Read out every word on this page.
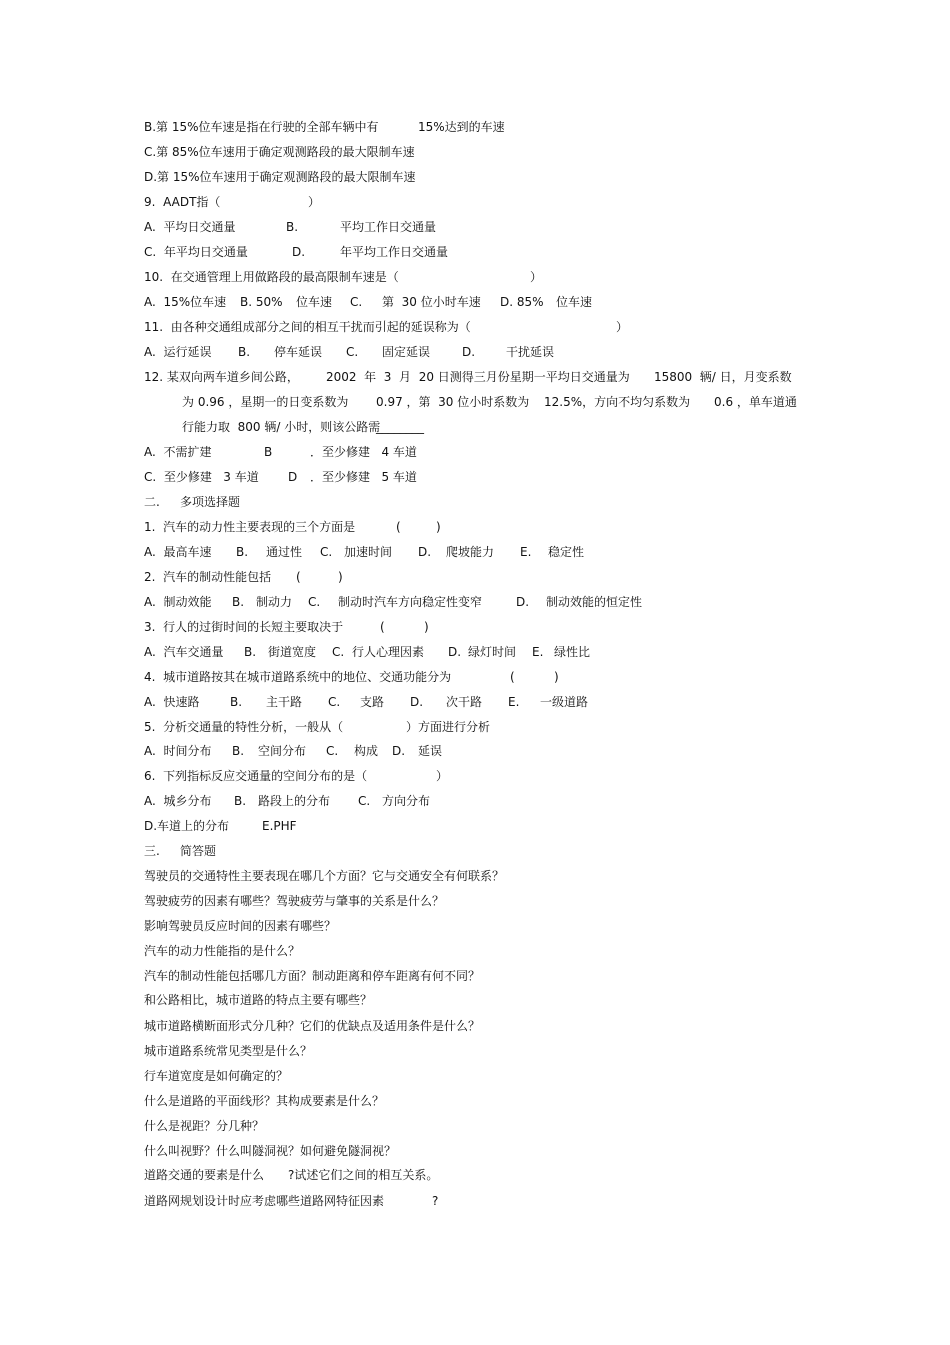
B.第 15%位车速是指在行驶的全部车辆中有	15%达到的车速
C.第 85%位车速用于确定观测路段的最大限制车速
D.第 15%位车速用于确定观测路段的最大限制车速
9.  AADT指（	）
A.  平均日交通量	B.	平均工作日交通量
C.  年平均日交通量	D.	年平均工作日交通量
10.  在交通管理上用做路段的最高限制车速是（	）
A.  15%位车速 B. 50% 位车速 C. 第  30 位小时车速 D. 85% 位车速
11.  由各种交通组成部分之间的相互干扰而引起的延误称为（	）
A.  运行延误 B. 停车延误 C. 固定延误	D.	干扰延误
12. 某双向两车道乡间公路， 2002  年  3  月  20 日测得三月份星期一平均日交通量为 15800  辆/ 日，月变系数
为 0.96 ，星期一的日变系数为 0.97 ，第  30 位小时系数为 12.5%，方向不均匀系数为 0.6 ，单车道通
行能力取  800 辆/ 小时，则该公路需
________
A.  不需扩建	B	．至少修建   4 车道
C.  至少修建   3 车道 D ．至少修建   5 车道
二. 多项选择题
1.  汽车的动力性主要表现的三个方面是	(	)
A.  最高车速 B. 通过性 C. 加速时间 D. 爬坡能力 E. 稳定性
2.  汽车的制动性能包括 (	)
A.  制动效能 B. 制动力 C. 制动时汽车方向稳定性变窄	D. 制动效能的恒定性
3.  行人的过街时间的长短主要取决于	(	)
A.  汽车交通量 B. 街道宽度 C. 行人心理因素 D. 绿灯时间 E. 绿性比
4.  城市道路按其在城市道路系统中的地位、交通功能分为	(	)
A.  快速路	B. 主干路 C. 支路 D. 次干路 E. 一级道路
5.  分析交通量的特性分析，一般从（	）方面进行分析
A.  时间分布 B. 空间分布 C. 构成 D. 延误
6.  下列指标反应交通量的空间分布的是（	）
A.  城乡分布 B. 路段上的分布 C. 方向分布
D.车道上的分布	E.PHF
三. 简答题
驾驶员的交通特性主要表现在哪几个方面？它与交通安全有何联系？
驾驶疲劳的因素有哪些？驾驶疲劳与肇事的关系是什么？
影响驾驶员反应时间的因素有哪些？
汽车的动力性能指的是什么？
汽车的制动性能包括哪几方面？制动距离和停车距离有何不同？
和公路相比，城市道路的特点主要有哪些？
城市道路横断面形式分几种？它们的优缺点及适用条件是什么？
城市道路系统常见类型是什么？
行车道宽度是如何确定的？
什么是道路的平面线形？其构成要素是什么？
什么是视距？分几种？
什么叫视野？什么叫隧洞视？如何避免隧洞视？
道路交通的要素是什么 ?试述它们之间的相互关系。
道路网规划设计时应考虑哪些道路网特征因素	?
